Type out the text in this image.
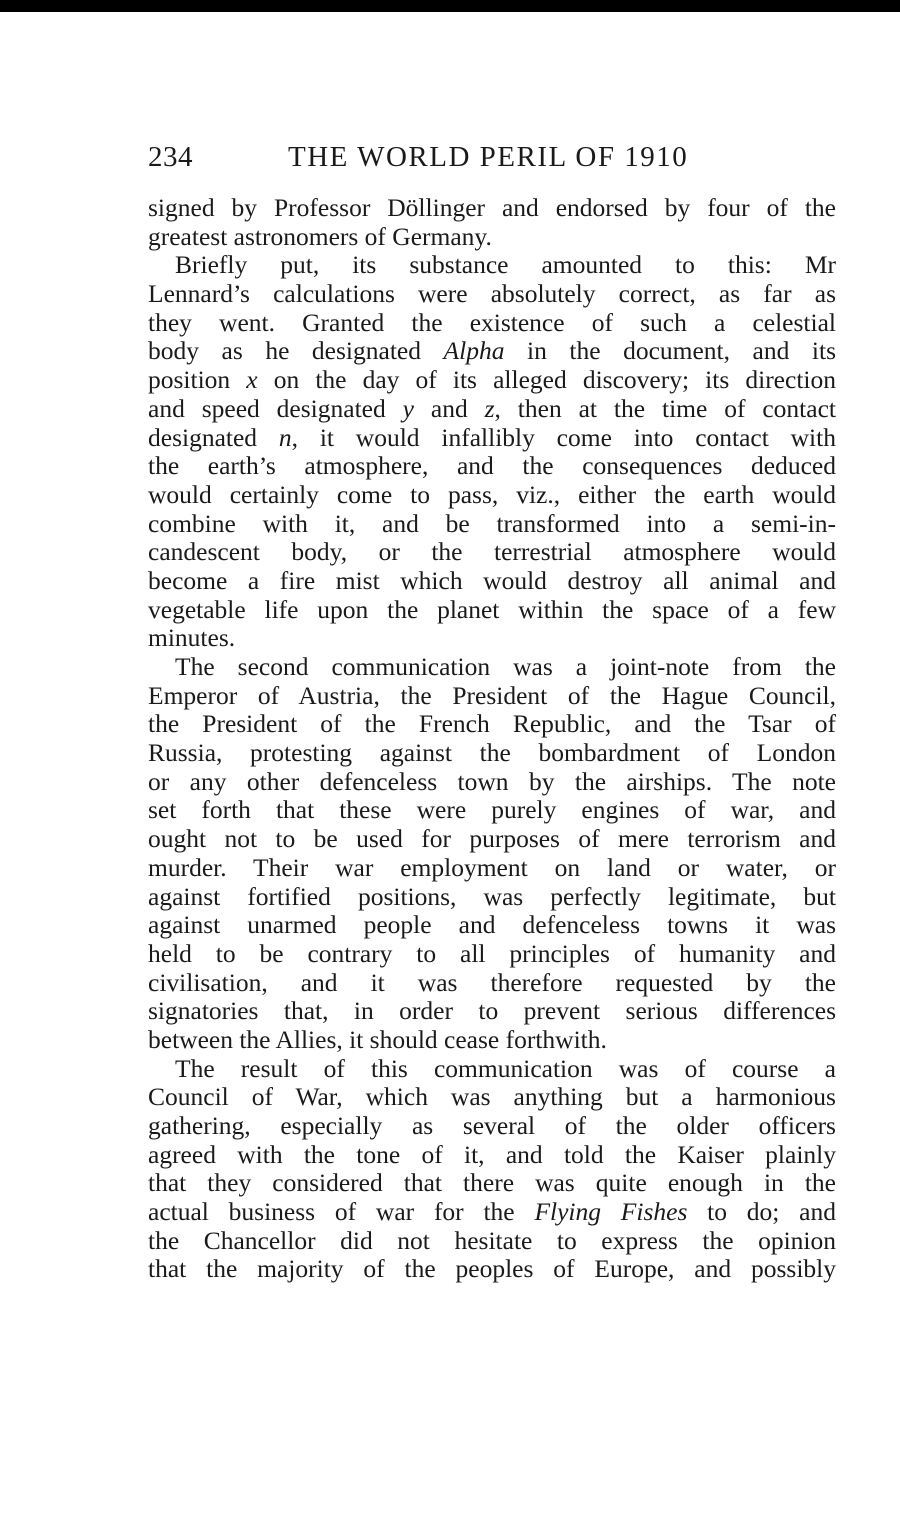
234	THE WORLD PERIL OF 1910
signed by Professor Döllinger and endorsed by four of the
greatest astronomers of Germany.
Briefly put, its substance amounted to this: Mr
Lennard’s calculations were absolutely correct, as far as
they went. Granted the existence of such a celestial
body as he designated Alpha in the document, and its
position x on the day of its alleged discovery; its direction
and speed designated y and z, then at the time of contact
designated n, it would infallibly come into contact with
the earth’s atmosphere, and the consequences deduced
would certainly come to pass, viz., either the earth would
combine with it, and be transformed into a semi-in-
candescent body, or the terrestrial atmosphere would
become a fire mist which would destroy all animal and
vegetable life upon the planet within the space of a few
minutes.
The second communication was a joint-note from the
Emperor of Austria, the President of the Hague Council,
the President of the French Republic, and the Tsar of
Russia, protesting against the bombardment of London
or any other defenceless town by the airships. The note
set forth that these were purely engines of war, and
ought not to be used for purposes of mere terrorism and
murder. Their war employment on land or water, or
against fortified positions, was perfectly legitimate, but
against unarmed people and defenceless towns it was
held to be contrary to all principles of humanity and
civilisation, and it was therefore requested by the
signatories that, in order to prevent serious differences
between the Allies, it should cease forthwith.
The result of this communication was of course a
Council of War, which was anything but a harmonious
gathering, especially as several of the older officers
agreed with the tone of it, and told the Kaiser plainly
that they considered that there was quite enough in the
actual business of war for the Flying Fishes to do; and
the Chancellor did not hesitate to express the opinion
that the majority of the peoples of Europe, and possibly
